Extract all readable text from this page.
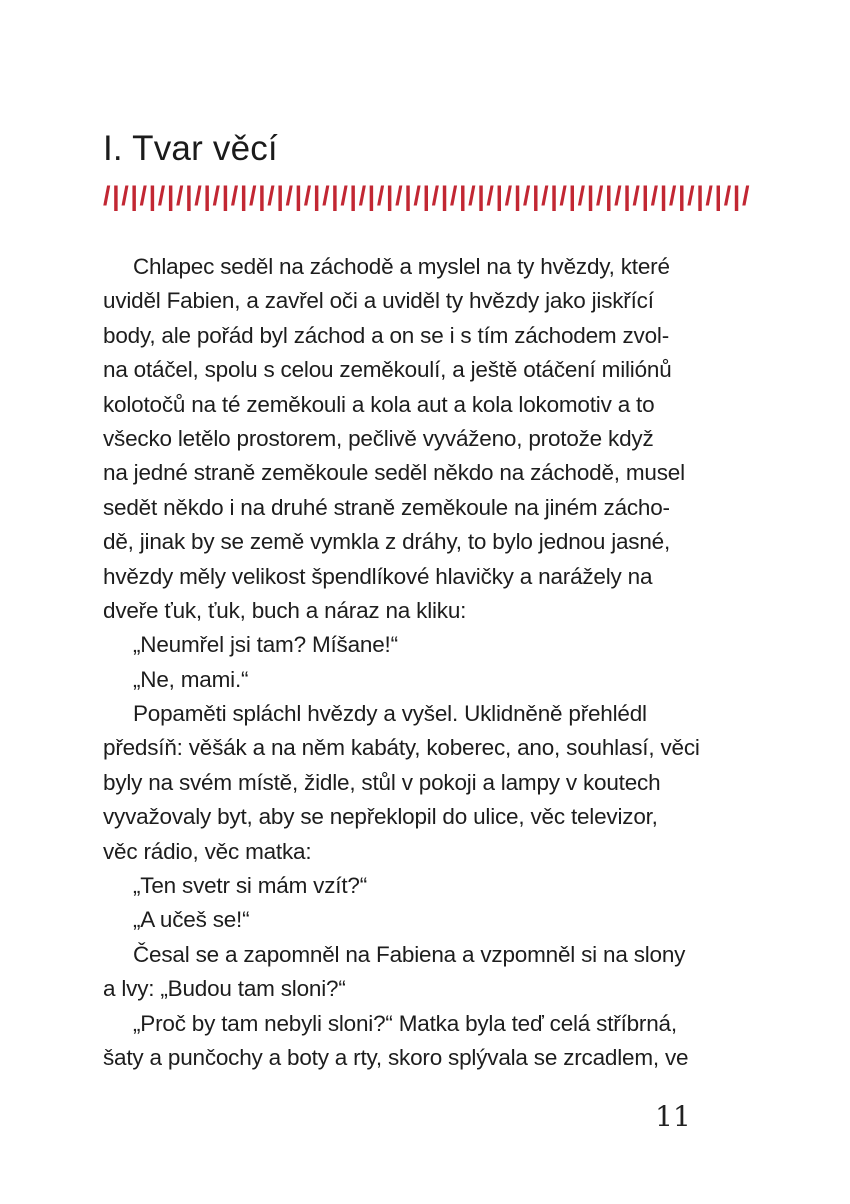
I. Tvar věcí
/|/|/|/|/|/|/|/|/|/|/|/|/|/|/|/|/|/|/|/|/|/|/|/|/|/|/|/|/|/|/|/|/|/|/|/
Chlapec seděl na záchodě a myslel na ty hvězdy, které
uviděl Fabien, a zavřel oči a uviděl ty hvězdy jako jiskřící
body, ale pořád byl záchod a on se i s tím záchodem zvol-
na otáčel, spolu s celou zeměkoulí, a ještě otáčení miliónů
kolotočů na té zeměkouli a kola aut a kola lokomotiv a to
všecko letělo prostorem, pečlivě vyváženo, protože když
na jedné straně zeměkoule seděl někdo na záchodě, musel
sedět někdo i na druhé straně zeměkoule na jiném zácho-
dě, jinak by se země vymkla z dráhy, to bylo jednou jasné,
hvězdy měly velikost špendlíkové hlavičky a narážely na
dveře ťuk, ťuk, buch a náraz na kliku:
„Neumřel jsi tam? Míšane!“
„Ne, mami.“
Popaměti spláchl hvězdy a vyšel. Uklidněně přehlédl
předsíň: věšák a na něm kabáty, koberec, ano, souhlasí, věci
byly na svém místě, židle, stůl v pokoji a lampy v koutech
vyvažovaly byt, aby se nepřeklopil do ulice, věc televizor,
věc rádio, věc matka:
„Ten svetr si mám vzít?“
„A učeš se!“
Česal se a zapomněl na Fabiena a vzpomněl si na slony
a lvy: „Budou tam sloni?“
„Proč by tam nebyli sloni?“ Matka byla teď celá stříbrná,
šaty a punčochy a boty a rty, skoro splývala se zrcadlem, ve
11
